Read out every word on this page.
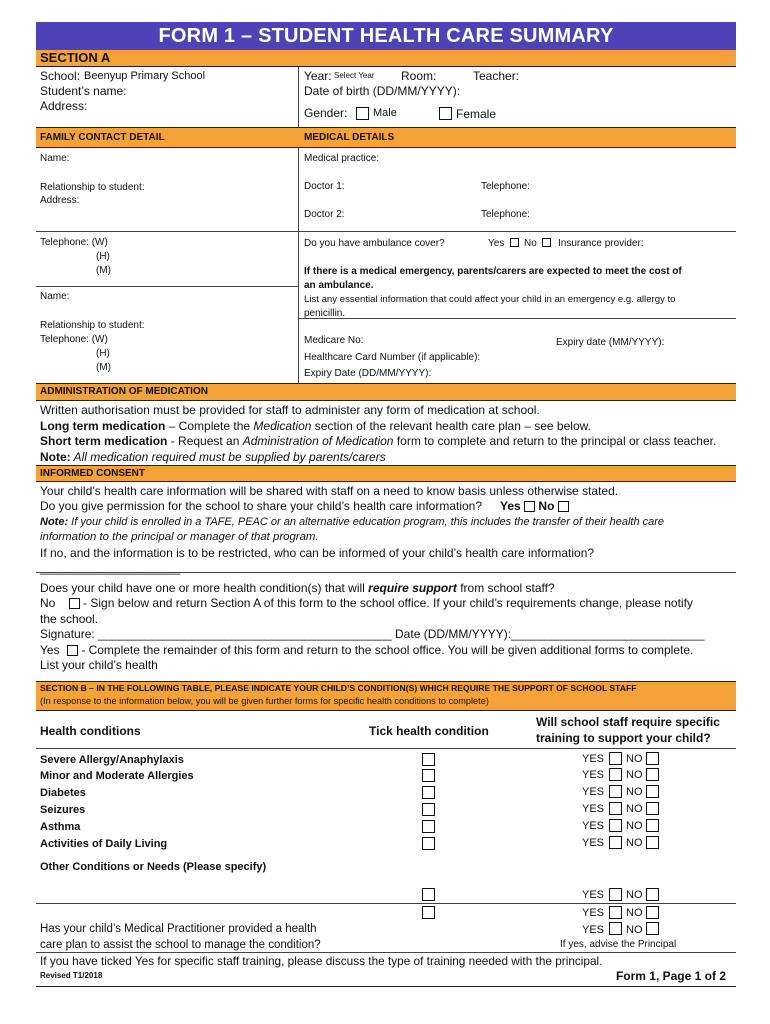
FORM 1 – STUDENT HEALTH CARE SUMMARY
SECTION A
School: Beenyup Primary School
Student’s name:
Address:
Year: Select Year Room:	Teacher:
Date of birth (DD/MM/YYYY):
Gender: Male	Female
FAMILY CONTACT DETAIL	MEDICAL DETAILS
Name:
Relationship to student:
Address:
Telephone: (W)
(H)
(M)
Name:
Relationship to student:
Telephone: (W)
(H)
(M)
Medical practice:
Doctor 1:	Telephone:
Doctor 2:	Telephone:
Do you have ambulance cover?	Yes No Insurance provider:
If there is a medical emergency, parents/carers are expected to meet the cost of
an ambulance.
List any essential information that could affect your child in an emergency e.g. allergy to
penicillin.
Medicare No:	Expiry date (MM/YYYY):
Healthcare Card Number (if applicable):
Expiry Date (DD/MM/YYYY):
ADMINISTRATION OF MEDICATION
Written authorisation must be provided for staff to administer any form of medication at school.
Long term medication – Complete the Medication section of the relevant health care plan – see below.
Short term medication - Request an Administration of Medication form to complete and return to the principal or class teacher.
Note: All medication required must be supplied by parents/carers
INFORMED CONSENT
Your child’s health care information will be shared with staff on a need to know basis unless otherwise stated.
Do you give permission for the school to share your child’s health care information? Yes No
Note: If your child is enrolled in a TAFE, PEAC or an alternative education program, this includes the transfer of their health care
information to the principal or manager of that program.
If no, and the information is to be restricted, who can be informed of your child’s health care information? _____________________
Does your child have one or more health condition(s) that will require support from school staff?
No  - Sign below and return Section A of this form to the school office. If your child’s requirements change, please notify
the school.
Signature: ____________________________________________ Date (DD/MM/YYYY):_____________________________
Yes  - Complete the remainder of this form and return to the school office. You will be given additional forms to complete.
List your child’s health
SECTION B – IN THE FOLLOWING TABLE, PLEASE INDICATE YOUR CHILD’S CONDITION(S) WHICH REQUIRE THE SUPPORT OF SCHOOL STAFF
(In response to the information below, you will be given further forms for specific health conditions to complete)
Health conditions	Tick health condition
Will school staff require specific
training to support your child?
Severe Allergy/Anaphylaxis	YES NO
Minor and Moderate Allergies	YES NO
Diabetes	YES NO
Seizures	YES NO
Asthma	YES NO
Activities of Daily Living	YES NO
Other Conditions or Needs (Please specify)
YES NO
YES NO
Has your child’s Medical Practitioner provided a health
care plan to assist the school to manage the condition?
YES NO
If yes, advise the Principal
If you have ticked Yes for specific staff training, please discuss the type of training needed with the principal.
Revised T1/2018	Form 1, Page 1 of 2
